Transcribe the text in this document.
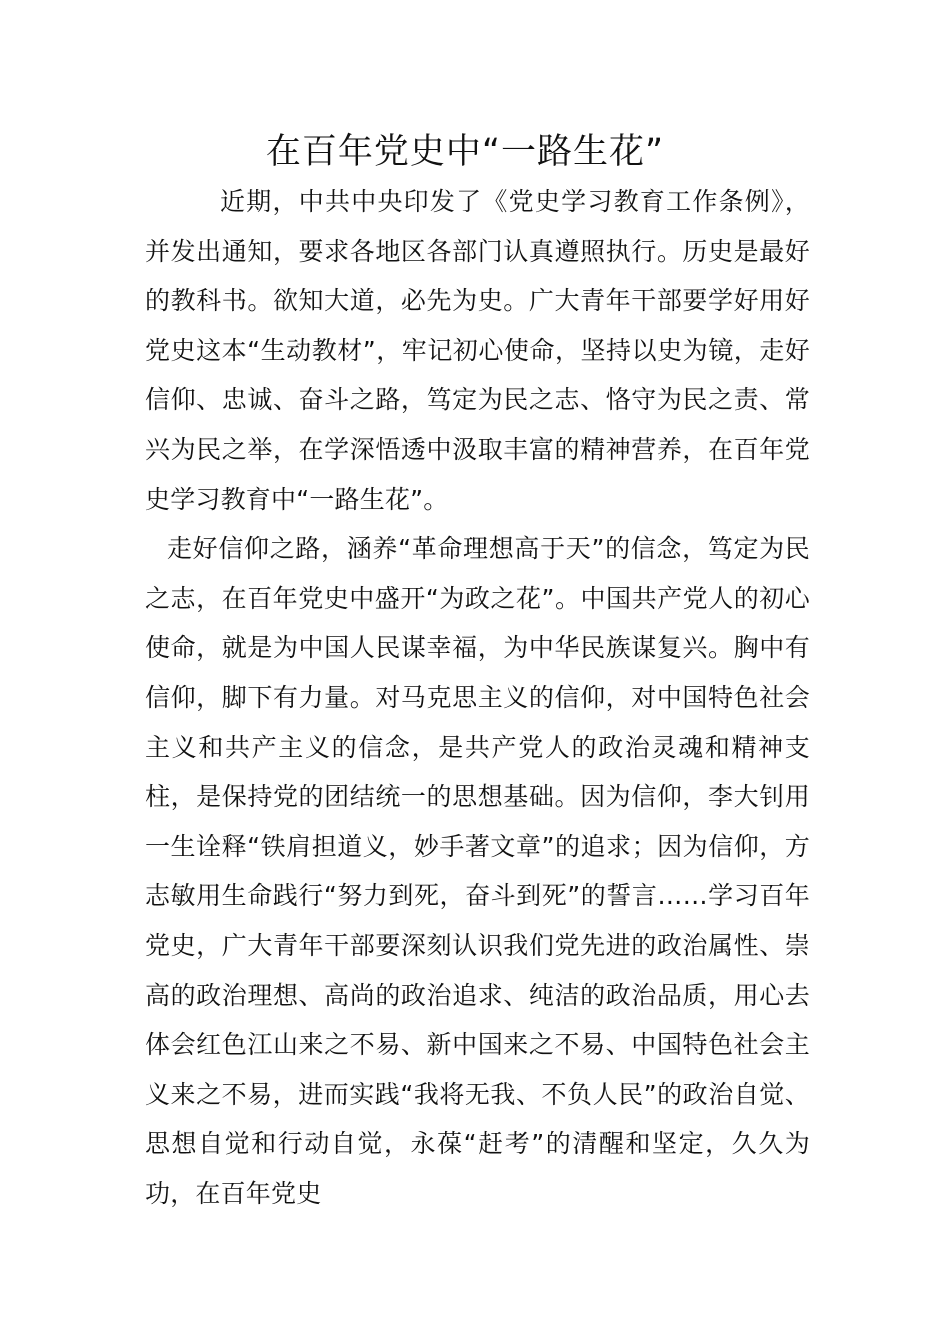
在百年党史中“一路生花”

近期，中共中央印发了《党史学习教育工作条例》，并发出通知，要求各地区各部门认真遵照执行。历史是最好的教科书。欲知大道，必先为史。广大青年干部要学好用好党史这本“生动教材”，牢记初心使命，坚持以史为镜，走好信仰、忠诚、奋斗之路，笃定为民之志、恪守为民之责、常兴为民之举，在学深悟透中汲取丰富的精神营养，在百年党史学习教育中“一路生花”。

走好信仰之路，涵养“革命理想高于天”的信念，笃定为民之志，在百年党史中盛开“为政之花”。中国共产党人的初心使命，就是为中国人民谋幸福，为中华民族谋复兴。胸中有信仰，脚下有力量。对马克思主义的信仰，对中国特色社会主义和共产主义的信念，是共产党人的政治灵魂和精神支柱，是保持党的团结统一的思想基础。因为信仰，李大钊用一生诠释“铁肩担道义，妙手著文章”的追求；因为信仰，方志敏用生命践行“努力到死，奋斗到死”的誓言……学习百年党史，广大青年干部要深刻认识我们党先进的政治属性、崇高的政治理想、高尚的政治追求、纯洁的政治品质，用心去体会红色江山来之不易、新中国来之不易、中国特色社会主义来之不易，进而实践“我将无我、不负人民”的政治自觉、思想自觉和行动自觉，永葆“赶考”的清醒和坚定，久久为功，在百年党史
